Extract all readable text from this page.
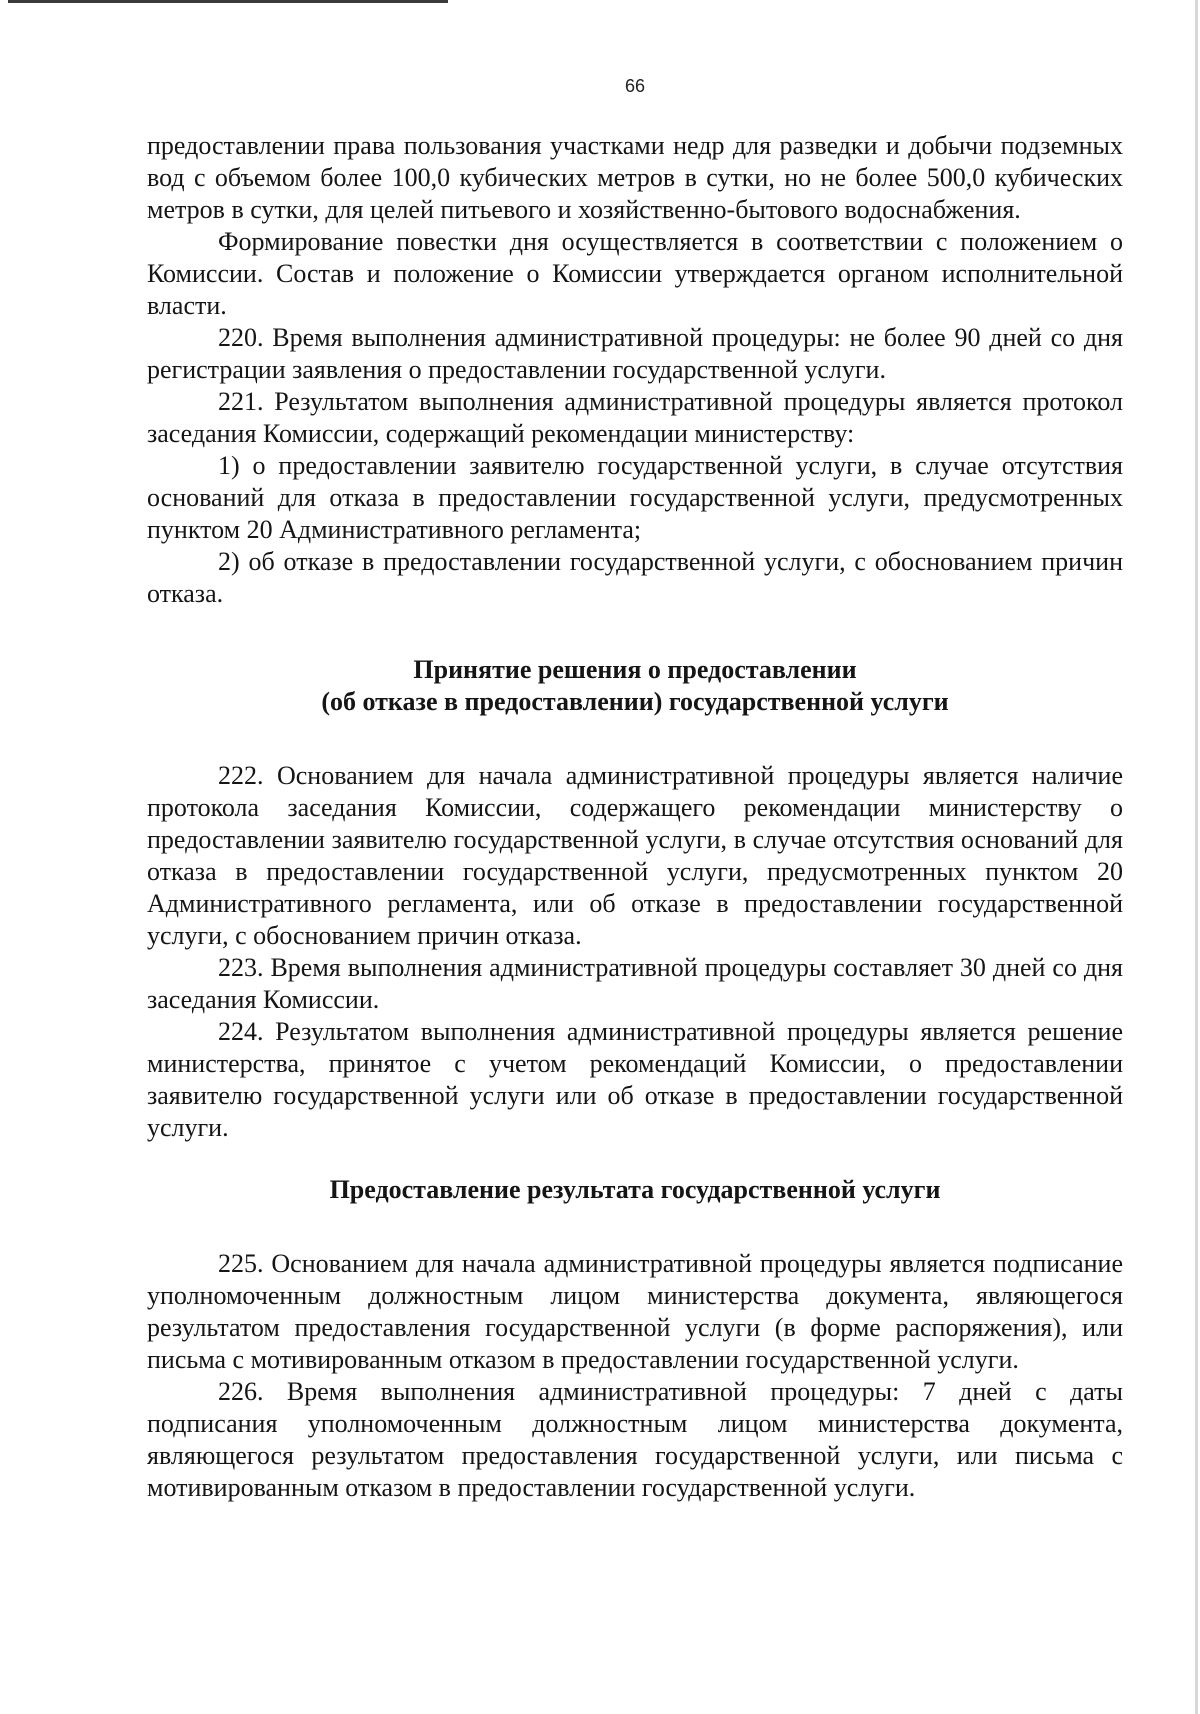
66

предоставлении права пользования участками недр для разведки и добычи подземных вод с объемом более 100,0 кубических метров в сутки, но не более 500,0 кубических метров в сутки, для целей питьевого и хозяйственно-бытового водоснабжения.

Формирование повестки дня осуществляется в соответствии с положением о Комиссии. Состав и положение о Комиссии утверждается органом исполнительной власти.

220. Время выполнения административной процедуры: не более 90 дней со дня регистрации заявления о предоставлении государственной услуги.

221. Результатом выполнения административной процедуры является протокол заседания Комиссии, содержащий рекомендации министерству:

1) о предоставлении заявителю государственной услуги, в случае отсутствия оснований для отказа в предоставлении государственной услуги, предусмотренных пунктом 20 Административного регламента;

2) об отказе в предоставлении государственной услуги, с обоснованием причин отказа.

Принятие решения о предоставлении
(об отказе в предоставлении) государственной услуги

222. Основанием для начала административной процедуры является наличие протокола заседания Комиссии, содержащего рекомендации министерству о предоставлении заявителю государственной услуги, в случае отсутствия оснований для отказа в предоставлении государственной услуги, предусмотренных пунктом 20 Административного регламента, или об отказе в предоставлении государственной услуги, с обоснованием причин отказа.

223. Время выполнения административной процедуры составляет 30 дней со дня заседания Комиссии.

224. Результатом выполнения административной процедуры является решение министерства, принятое с учетом рекомендаций Комиссии, о предоставлении заявителю государственной услуги или об отказе в предоставлении государственной услуги.

Предоставление результата государственной услуги

225. Основанием для начала административной процедуры является подписание уполномоченным должностным лицом министерства документа, являющегося результатом предоставления государственной услуги (в форме распоряжения), или письма с мотивированным отказом в предоставлении государственной услуги.

226. Время выполнения административной процедуры: 7 дней с даты подписания уполномоченным должностным лицом министерства документа, являющегося результатом предоставления государственной услуги, или письма с мотивированным отказом в предоставлении государственной услуги.
